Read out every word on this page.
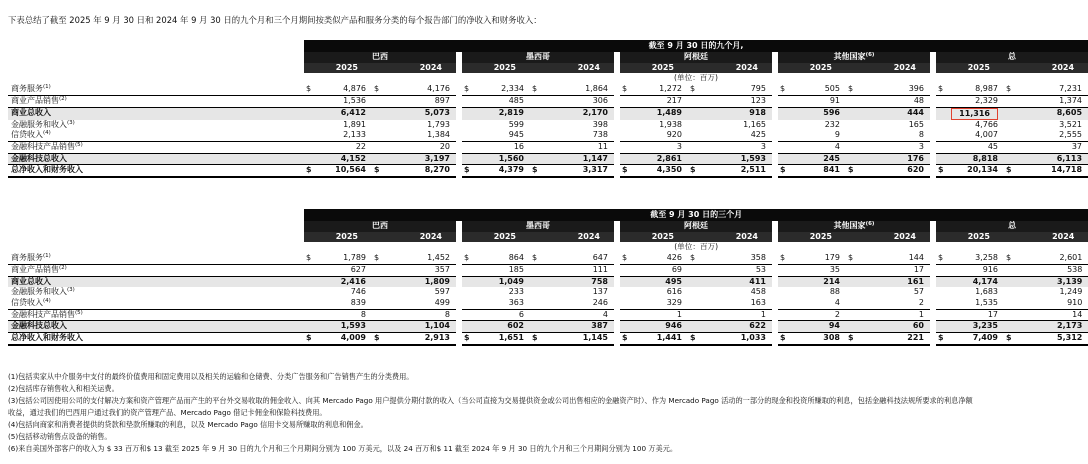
下表总结了截至 2025 年 9 月 30 日和 2024 年 9 月 30 日的九个月和三个月期间按类似产品和服务分类的每个报告部门的净收入和财务收入：
	截至 9 月 30 日的九个月,																							
	巴西					墨西哥					阿根廷					其他国家$^{(6)}$					总			
	2025		2024			2025		2024			2025		2024			2025		2024			2025		2024	
	(单位：百万)																							
商务服务$^{(1)}$	$	4,876	$	4,176		$	2,334	$	1,864		$	1,272	$	795		$	505	$	396		$	8,987	$	7,231
商业产品销售$^{(2)}$		1,536		897			485		306			217		123			91		48			2,329		1,374
商业总收入		6,412		5,073			2,819		2,170			1,489		918			596		444			11,316		8,605
金融服务和收入$^{(3)}$		1,891		1,793			599		398			1,938		1,165			232		165			4,766		3,521
信贷收入$^{(4)}$		2,133		1,384			945		738			920		425			9		8			4,007		2,555
金融科技产品销售$^{(5)}$		22		20			16		11			3		3			4		3			45		37
金融科技总收入		4,152		3,197			1,560		1,147			2,861		1,593			245		176			8,818		6,113
总净收入和财务收入	$	10,564	$	8,270		$	4,379	$	3,317		$	4,350	$	2,511		$	841	$	620		$	20,134	$	14,718
	截至 9 月 30 日的三个月																							
	巴西					墨西哥					阿根廷					其他国家$^{(6)}$					总			
	2025		2024			2025		2024			2025		2024			2025		2024			2025		2024	
	(单位：百万)																							
商务服务$^{(1)}$	$	1,789	$	1,452		$	864	$	647		$	426	$	358		$	179	$	144		$	3,258	$	2,601
商业产品销售$^{(2)}$		627		357			185		111			69		53			35		17			916		538
商业总收入		2,416		1,809			1,049		758			495		411			214		161			4,174		3,139
金融服务和收入$^{(3)}$		746		597			233		137			616		458			88		57			1,683		1,249
信贷收入$^{(4)}$		839		499			363		246			329		163			4		2			1,535		910
金融科技产品销售$^{(5)}$		8		8			6		4			1		1			2		1			17		14
金融科技总收入		1,593		1,104			602		387			946		622			94		60			3,235		2,173
总净收入和财务收入	$	4,009	$	2,913		$	1,651	$	1,145		$	1,441	$	1,033		$	308	$	221		$	7,409	$	5,312
(1)包括卖家从中介服务中支付的最终价值费用和固定费用以及相关的运输和仓储费、分类广告服务和广告销售产生的分类费用。
(2)包括库存销售收入和相关运费。
(3)包括公司因使用公司的支付解决方案和资产管理产品而产生的平台外交易收取的佣金收入、向其 Mercado Pago 用户提供分期付款的收入（当公司直接为交易提供资金或公司出售相应的金融资产时）、作为 Mercado Pago 活动的一部分的现金和投资所赚取的利息，包括金融科技法规所要求的利息净额
收益，通过我们的巴西用户通过我们的资产管理产品、Mercado Pago 借记卡佣金和保险科技费用。
(4)包括向商家和消费者提供的贷款和垫款所赚取的利息，以及 Mercado Pago 信用卡交易所赚取的利息和佣金。
(5)包括移动销售点设备的销售。
(6)来自美国外部客户的收入为 $ 33 百万和$ 13 截至 2025 年 9 月 30 日的九个月和三个月期间分别为 100 万美元，以及 24 百万和$ 11 截至 2024 年 9 月 30 日的九个月和三个月期间分别为 100 万美元。
